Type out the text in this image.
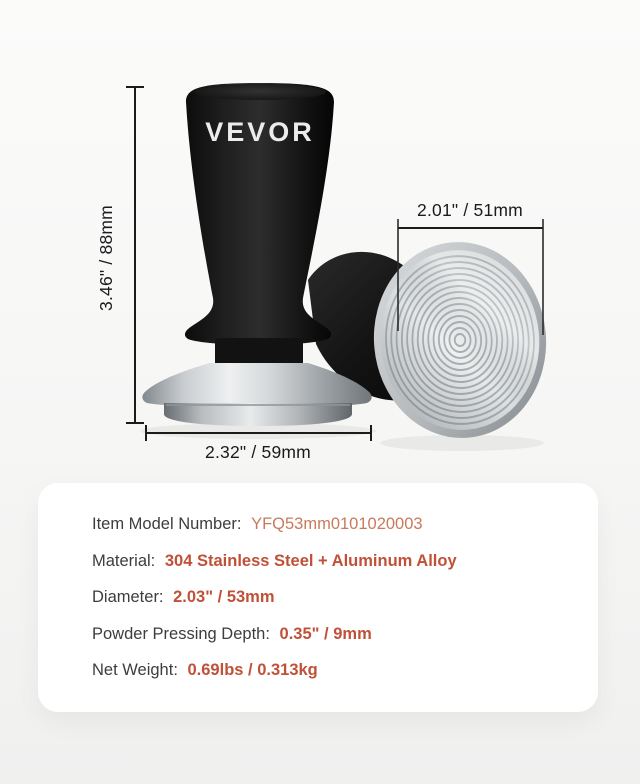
VEVOR
3.46" / 88mm	2.01" / 51mm
2.32" / 59mm
Item Model Number: YFQ53mm0101020003
Material: 304 Stainless Steel + Aluminum Alloy
Diameter: 2.03" / 53mm
Powder Pressing Depth: 0.35" / 9mm
Net Weight: 0.69lbs / 0.313kg
